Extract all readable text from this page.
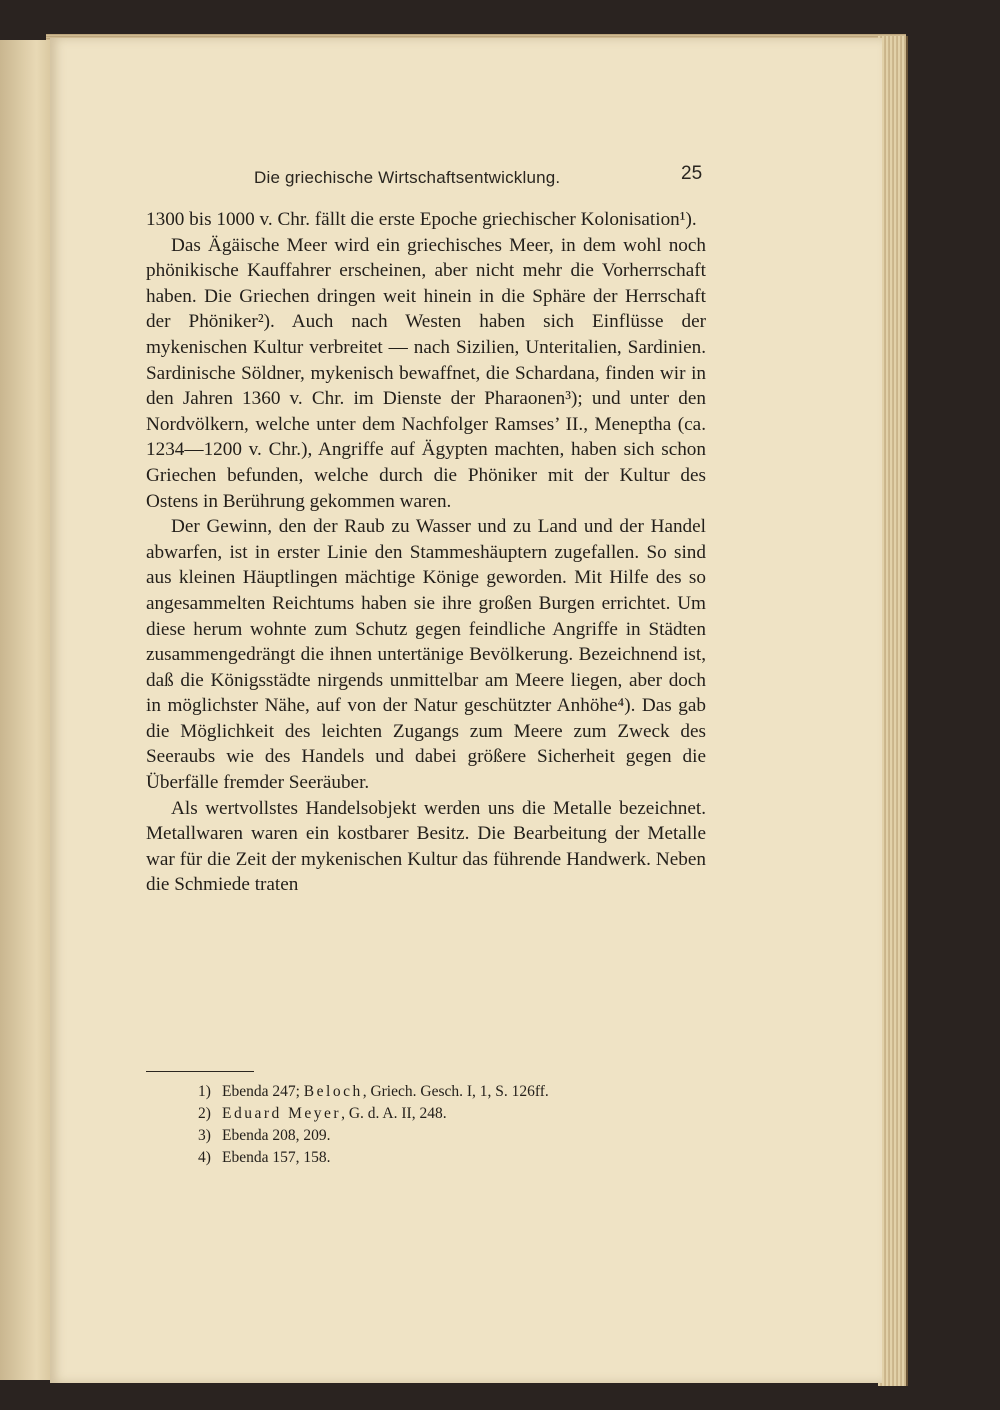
Die griechische Wirtschaftsentwicklung.	25

1300 bis 1000 v. Chr. fällt die erste Epoche griechischer Kolonisation¹).

Das Ägäische Meer wird ein griechisches Meer, in dem wohl noch phönikische Kauffahrer erscheinen, aber nicht mehr die Vorherrschaft haben. Die Griechen dringen weit hinein in die Sphäre der Herrschaft der Phöniker²). Auch nach Westen haben sich Einflüsse der mykenischen Kultur verbreitet — nach Sizilien, Unteritalien, Sardinien. Sardinische Söldner, mykenisch bewaffnet, die Schardana, finden wir in den Jahren 1360 v. Chr. im Dienste der Pharaonen³); und unter den Nordvölkern, welche unter dem Nachfolger Ramses’ II., Meneptha (ca. 1234—1200 v. Chr.), Angriffe auf Ägypten machten, haben sich schon Griechen befunden, welche durch die Phöniker mit der Kultur des Ostens in Berührung gekommen waren.

Der Gewinn, den der Raub zu Wasser und zu Land und der Handel abwarfen, ist in erster Linie den Stammeshäuptern zugefallen. So sind aus kleinen Häuptlingen mächtige Könige geworden. Mit Hilfe des so angesammelten Reichtums haben sie ihre großen Burgen errichtet. Um diese herum wohnte zum Schutz gegen feindliche Angriffe in Städten zusammengedrängt die ihnen untertänige Bevölkerung. Bezeichnend ist, daß die Königsstädte nirgends unmittelbar am Meere liegen, aber doch in möglichster Nähe, auf von der Natur geschützter Anhöhe⁴). Das gab die Möglichkeit des leichten Zugangs zum Meere zum Zweck des Seeraubs wie des Handels und dabei größere Sicherheit gegen die Überfälle fremder Seeräuber.

Als wertvollstes Handelsobjekt werden uns die Metalle bezeichnet. Metallwaren waren ein kostbarer Besitz. Die Bearbeitung der Metalle war für die Zeit der mykenischen Kultur das führende Handwerk. Neben die Schmiede traten

1) Ebenda 247; Beloch, Griech. Gesch. I, 1, S. 126ff.
2) Eduard Meyer, G. d. A. II, 248.
3) Ebenda 208, 209.
4) Ebenda 157, 158.
